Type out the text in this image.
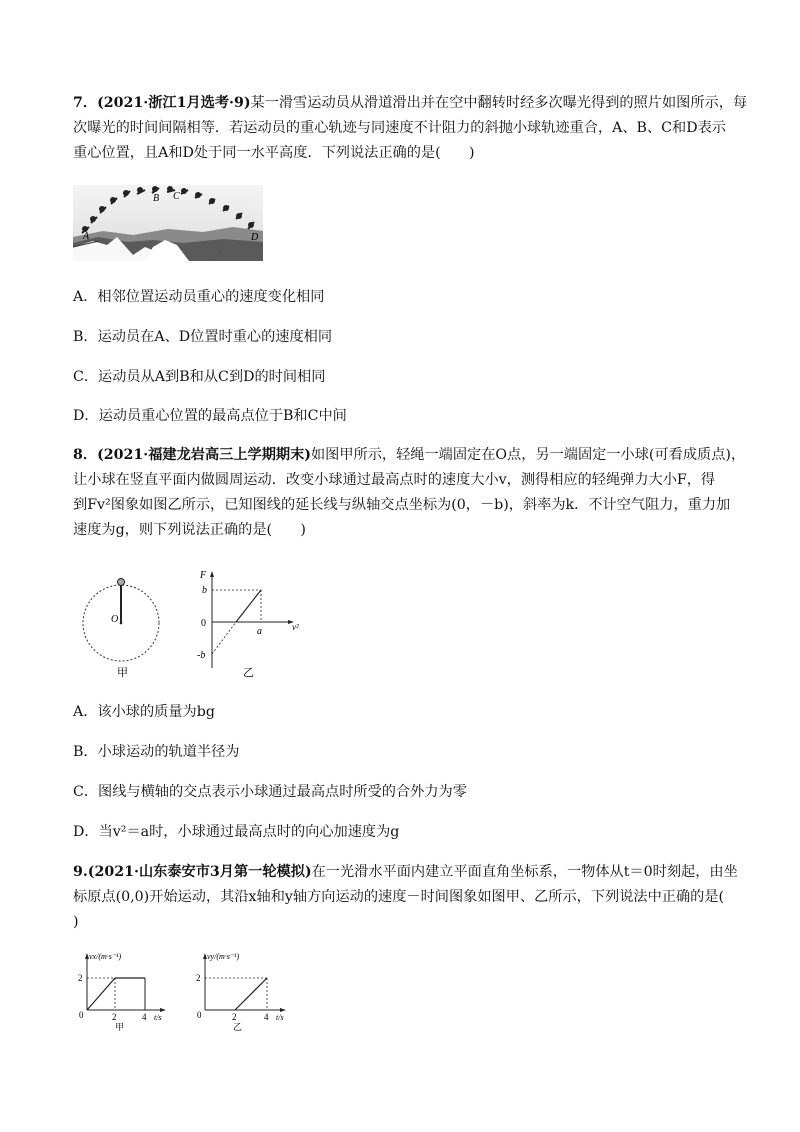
7．(2021·浙江1月选考·9)某一滑雪运动员从滑道滑出并在空中翻转时经多次曝光得到的照片如图所示，每
次曝光的时间间隔相等．若运动员的重心轨迹与同速度不计阻力的斜抛小球轨迹重合，A、B、C和D表示
重心位置，且A和D处于同一水平高度．下列说法正确的是(　　)
A
B C
D
A．相邻位置运动员重心的速度变化相同
B．运动员在A、D位置时重心的速度相同
C．运动员从A到B和从C到D的时间相同
D．运动员重心位置的最高点位于B和C中间
8．(2021·福建龙岩高三上学期期末)如图甲所示，轻绳一端固定在O点，另一端固定一小球(可看成质点)，
让小球在竖直平面内做圆周运动．改变小球通过最高点时的速度大小v，测得相应的轻绳弹力大小F，得
到Fv²图象如图乙所示，已知图线的延长线与纵轴交点坐标为(0，－b)，斜率为k．不计空气阻力，重力加
速度为g，则下列说法正确的是(　　)
O
甲
F
v²
0
b
-b
a
乙
A．该小球的质量为bg
B．小球运动的轨道半径为
C．图线与横轴的交点表示小球通过最高点时所受的合外力为零
D．当v²＝a时，小球通过最高点时的向心加速度为g
9.(2021·山东泰安市3月第一轮模拟)在一光滑水平面内建立平面直角坐标系，一物体从t＝0时刻起，由坐
标原点(0,0)开始运动，其沿x轴和y轴方向运动的速度－时间图象如图甲、乙所示，下列说法中正确的是(
)
vx/(m·s⁻¹)
2
0	2	4 t/s
甲
vy/(m·s⁻¹)
2
0	2	4 t/s
乙
